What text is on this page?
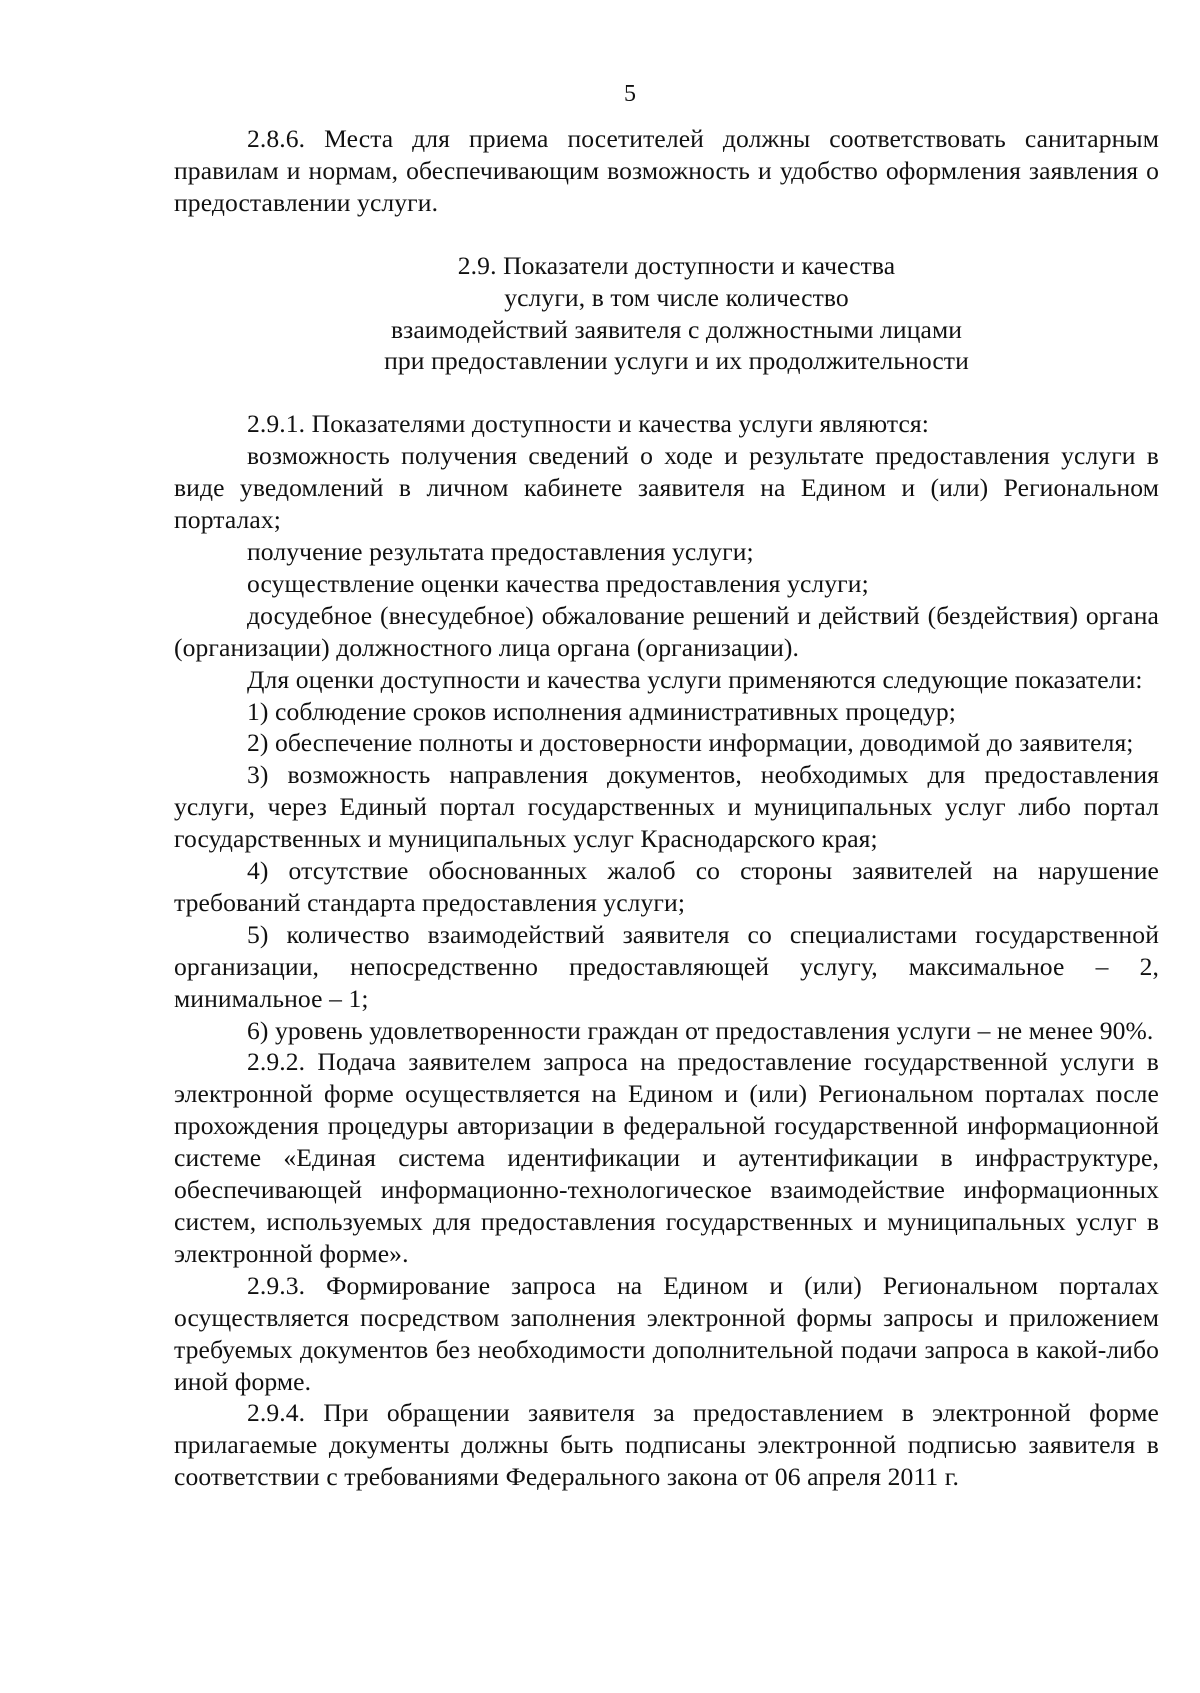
5

2.8.6. Места для приема посетителей должны соответствовать санитарным правилам и нормам, обеспечивающим возможность и удобство оформления заявления о предоставлении услуги.

2.9. Показатели доступности и качества
услуги, в том числе количество
взаимодействий заявителя с должностными лицами
при предоставлении услуги и их продолжительности

2.9.1. Показателями доступности и качества услуги являются:

возможность получения сведений о ходе и результате предоставления услуги в виде уведомлений в личном кабинете заявителя на Едином и (или) Региональном порталах;

получение результата предоставления услуги;

осуществление оценки качества предоставления услуги;

досудебное (внесудебное) обжалование решений и действий (бездействия) органа (организации) должностного лица органа (организации).

Для оценки доступности и качества услуги применяются следующие показатели:

1) соблюдение сроков исполнения административных процедур;

2) обеспечение полноты и достоверности информации, доводимой до заявителя;

3) возможность направления документов, необходимых для предоставления услуги, через Единый портал государственных и муниципальных услуг либо портал государственных и муниципальных услуг Краснодарского края;

4) отсутствие обоснованных жалоб со стороны заявителей на нарушение требований стандарта предоставления услуги;

5) количество взаимодействий заявителя со специалистами государственной организации, непосредственно предоставляющей услугу, максимальное – 2, минимальное – 1;

6) уровень удовлетворенности граждан от предоставления услуги – не менее 90%.

2.9.2. Подача заявителем запроса на предоставление государственной услуги в электронной форме осуществляется на Едином и (или) Региональном порталах после прохождения процедуры авторизации в федеральной государственной информационной системе «Единая система идентификации и аутентификации в инфраструктуре, обеспечивающей информационно-технологическое взаимодействие информационных систем, используемых для предоставления государственных и муниципальных услуг в электронной форме».

2.9.3. Формирование запроса на Едином и (или) Региональном порталах осуществляется посредством заполнения электронной формы запросы и приложением требуемых документов без необходимости дополнительной подачи запроса в какой-либо иной форме.

2.9.4. При обращении заявителя за предоставлением в электронной форме прилагаемые документы должны быть подписаны электронной подписью заявителя в соответствии с требованиями Федерального закона от 06 апреля 2011 г.
